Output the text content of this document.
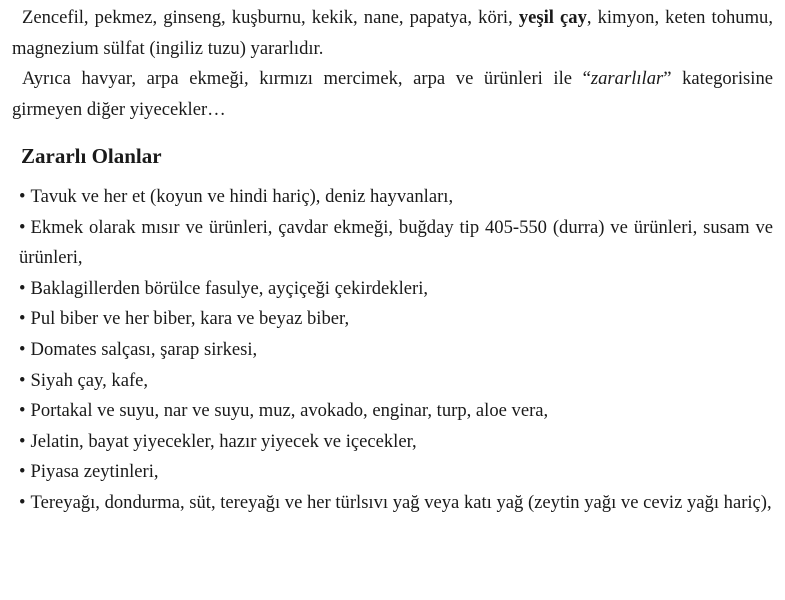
Zencefil, pekmez, ginseng, kuşburnu, kekik, nane, papatya, köri, yeşil çay, kimyon, keten tohumu, magnezium sülfat (ingiliz tuzu) yararlıdır.

Ayrıca havyar, arpa ekmeği, kırmızı mercimek, arpa ve ürünleri ile “zararlılar” kategorisine girmeyen diğer yiyecekler…

Zararlı Olanlar
• Tavuk ve her et (koyun ve hindi hariç), deniz hayvanları,
• Ekmek olarak mısır ve ürünleri, çavdar ekmeği, buğday tip 405-550 (durra) ve ürünleri, susam ve ürünleri,
• Baklagillerden börülce fasulye, ayçiçeği çekirdekleri,
• Pul biber ve her biber, kara ve beyaz biber,
• Domates salçası, şarap sirkesi,
• Siyah çay, kafe,
• Portakal ve suyu, nar ve suyu, muz, avokado, enginar, turp, aloe vera,
• Jelatin, bayat yiyecekler, hazır yiyecek ve içecekler,
• Piyasa zeytinleri,
• Tereyağı, dondurma, süt, tereyağı ve her türlsıvı yağ veya katı yağ (zeytin yağı ve ceviz yağı hariç),
